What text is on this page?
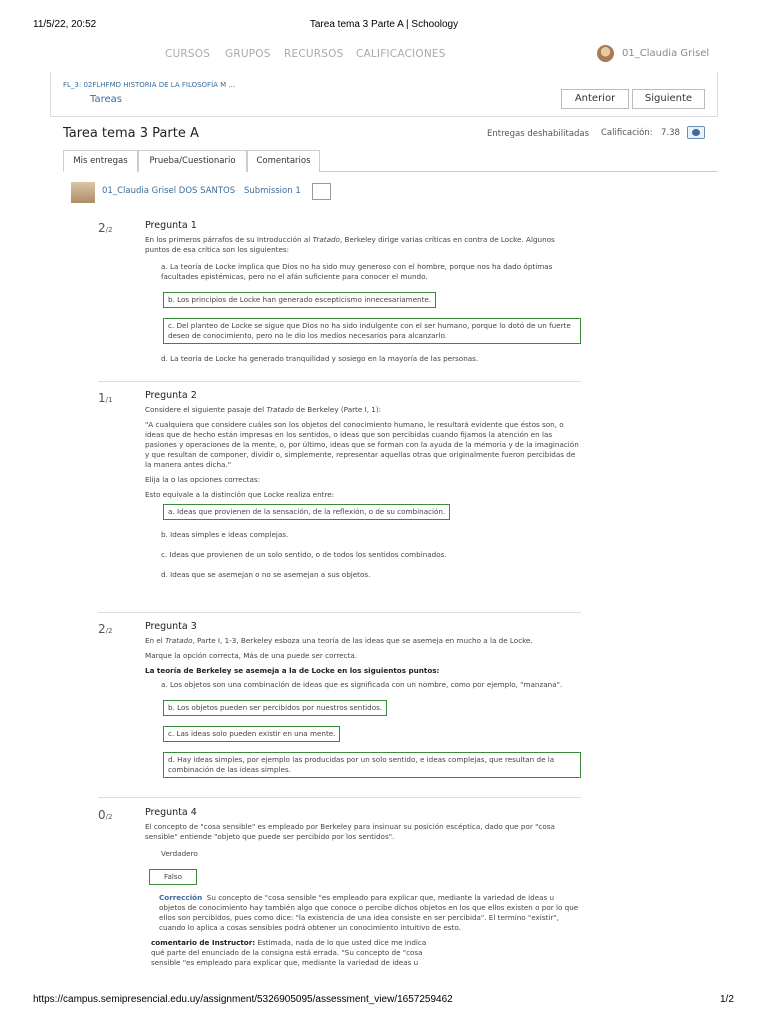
11/5/22, 20:52	Tarea tema 3 Parte A | Schoology
CURSOS GRUPOS RECURSOS CALIFICACIONES	01_Claudia Grisel
FL_3: 02FLHFMD HISTORIA DE LA FILOSOFÍA M ...
Tareas	Anterior	Siguiente
Tarea tema 3 Parte A	Entregas deshabilitadas Calificación: 7.38
Mis entregas	Prueba/Cuestionario	Comentarios
01_Claudia Grisel DOS SANTOS Submission 1
2/2	Pregunta 1

En los primeros párrafos de su Introducción al Tratado, Berkeley dirige varias críticas en contra de Locke. Algunos puntos de esa crítica son los siguientes:

a. La teoría de Locke implica que Dios no ha sido muy generoso con el hombre, porque nos ha dado óptimas facultades epistémicas, pero no el afán suficiente para conocer el mundo.
b. Los principios de Locke han generado escepticismo innecesariamente.
c. Del planteo de Locke se sigue que Dios no ha sido indulgente con el ser humano, porque lo dotó de un fuerte deseo de conocimiento, pero no le dio los medios necesarios para alcanzarlo.
d. La teoría de Locke ha generado tranquilidad y sosiego en la mayoría de las personas.
1/1	Pregunta 2

Considere el siguiente pasaje del Tratado de Berkeley (Parte I, 1):

"A cualquiera que considere cuáles son los objetos del conocimiento humano, le resultará evidente que éstos son, o ideas que de hecho están impresas en los sentidos, o ideas que son percibidas cuando fijamos la atención en las pasiones y operaciones de la mente, o, por último, ideas que se forman con la ayuda de la memoria y de la imaginación y que resultan de componer, dividir o, simplemente, representar aquellas otras que originalmente fueron percibidas de la manera antes dicha."

Elija la o las opciones correctas:

Esto equivale a la distinción que Locke realiza entre:

a. Ideas que provienen de la sensación, de la reflexión, o de su combinación.
b. Ideas simples e ideas complejas.
c. Ideas que provienen de un solo sentido, o de todos los sentidos combinados.
d. Ideas que se asemejan o no se asemejan a sus objetos.
2/2	Pregunta 3

En el Tratado, Parte I, 1-3, Berkeley esboza una teoría de las ideas que se asemeja en mucho a la de Locke.

Marque la opción correcta, Más de una puede ser correcta.

La teoría de Berkeley se asemeja a la de Locke en los siguientos puntos:

a. Los objetos son una combinación de ideas que es significada con un nombre, como por ejemplo, "manzana".
b. Los objetos pueden ser percibidos por nuestros sentidos.
c. Las ideas solo pueden existir en una mente.
d. Hay ideas simples, por ejemplo las producidas por un solo sentido, e ideas complejas, que resultan de la combinación de las ideas simples.
0/2	Pregunta 4

El concepto de "cosa sensible" es empleado por Berkeley para insinuar su posición escéptica, dado que por "cosa sensible" entiende "objeto que puede ser percibido por los sentidos".

Verdadero
Falso

Corrección Su concepto de "cosa sensible "es empleado para explicar que, mediante la variedad de ideas u objetos de conocimiento hay también algo que conoce o percibe dichos objetos en los que ellos existen o por lo que ellos son percibidos, pues como dice: "la existencia de una idea consiste en ser percibida". El termino "existir", cuando lo aplica a cosas sensibles podrá obtener un conocimiento intuitivo de esto.

comentario de Instructor: Estimada, nada de lo que usted dice me indica qué parte del enunciado de la consigna está errada. "Su concepto de "cosa sensible "es empleado para explicar que, mediante la variedad de ideas u

https://campus.semipresencial.edu.uy/assignment/5326905095/assessment_view/1657259462	1/2
